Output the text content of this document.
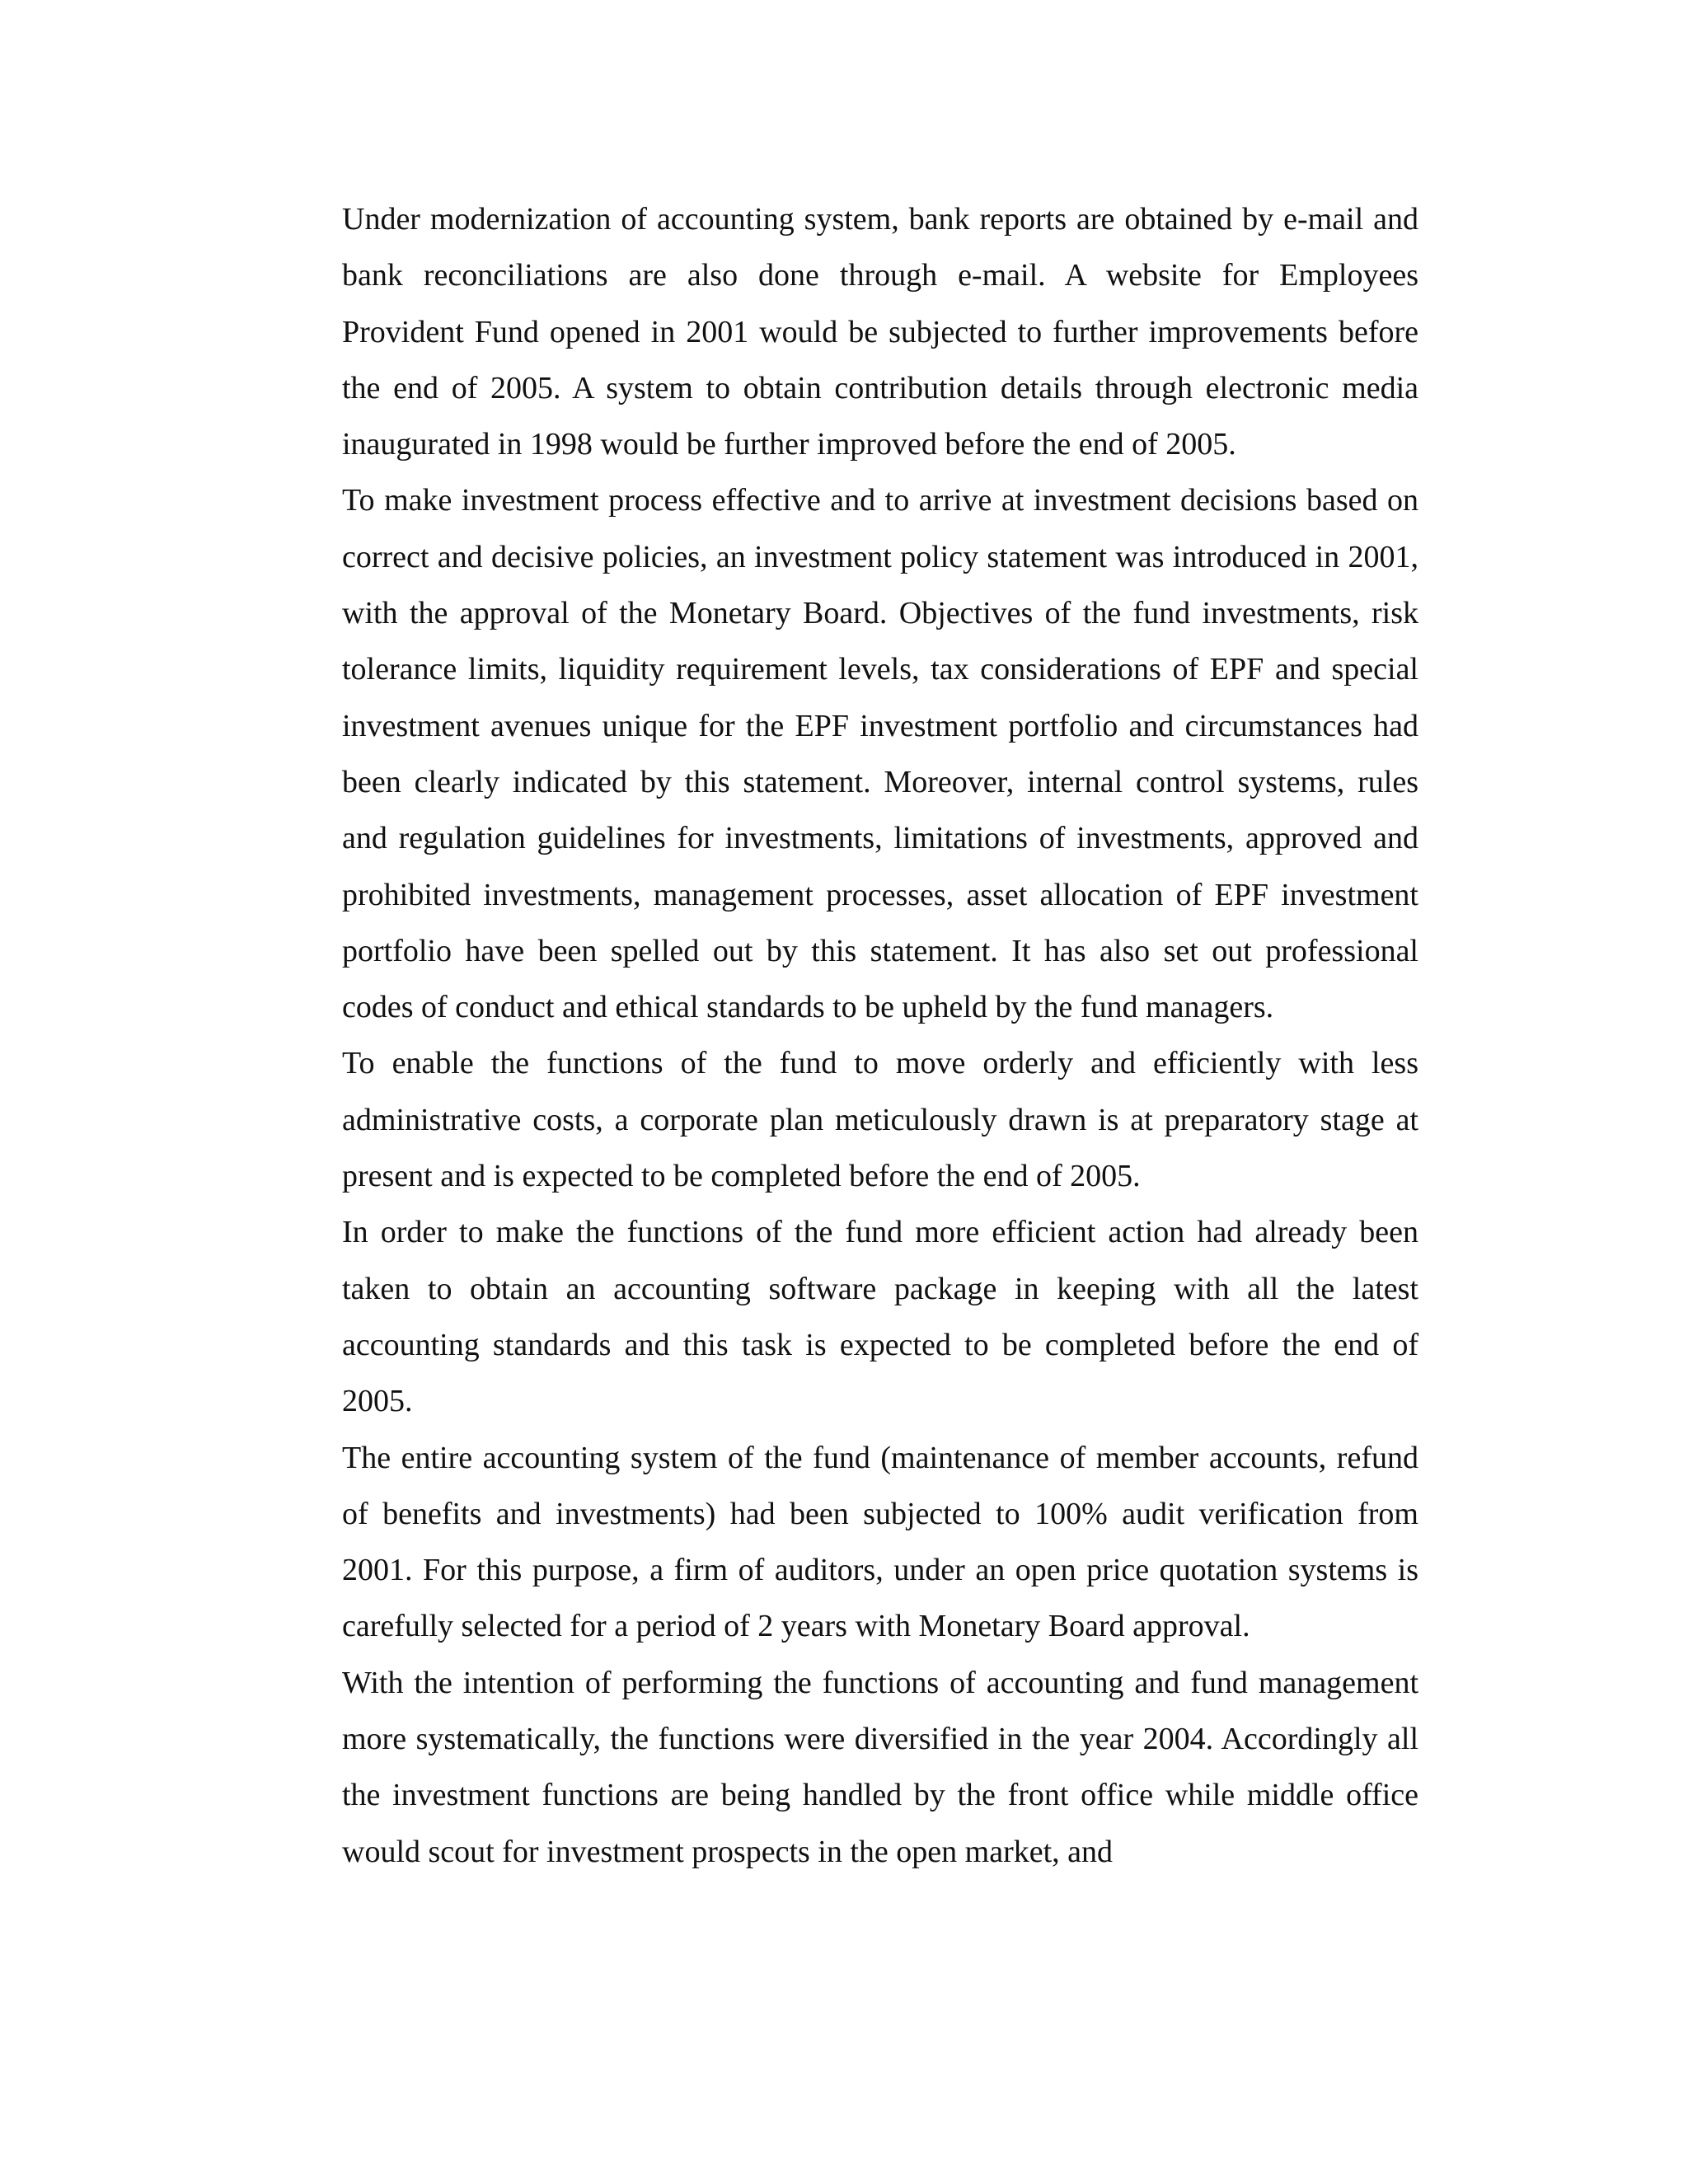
Under modernization of accounting system, bank reports are obtained by e-mail and bank reconciliations are also done through e-mail. A website for Employees Provident Fund opened in 2001 would be subjected to further improvements before the end of 2005. A system to obtain contribution details through electronic media inaugurated in 1998 would be further improved before the end of 2005.

To make investment process effective and to arrive at investment decisions based on correct and decisive policies, an investment policy statement was introduced in 2001, with the approval of the Monetary Board. Objectives of the fund investments, risk tolerance limits, liquidity requirement levels, tax considerations of EPF and special investment avenues unique for the EPF investment portfolio and circumstances had been clearly indicated by this statement. Moreover, internal control systems, rules and regulation guidelines for investments, limitations of investments, approved and prohibited investments, management processes, asset allocation of EPF investment portfolio have been spelled out by this statement. It has also set out professional codes of conduct and ethical standards to be upheld by the fund managers.

To enable the functions of the fund to move orderly and efficiently with less administrative costs, a corporate plan meticulously drawn is at preparatory stage at present and is expected to be completed before the end of 2005.

In order to make the functions of the fund more efficient action had already been taken to obtain an accounting software package in keeping with all the latest accounting standards and this task is expected to be completed before the end of 2005.

The entire accounting system of the fund (maintenance of member accounts, refund of benefits and investments) had been subjected to 100% audit verification from 2001. For this purpose, a firm of auditors, under an open price quotation systems is carefully selected for a period of 2 years with Monetary Board approval.

With the intention of performing the functions of accounting and fund management more systematically, the functions were diversified in the year 2004. Accordingly all the investment functions are being handled by the front office while middle office would scout for investment prospects in the open market, and
